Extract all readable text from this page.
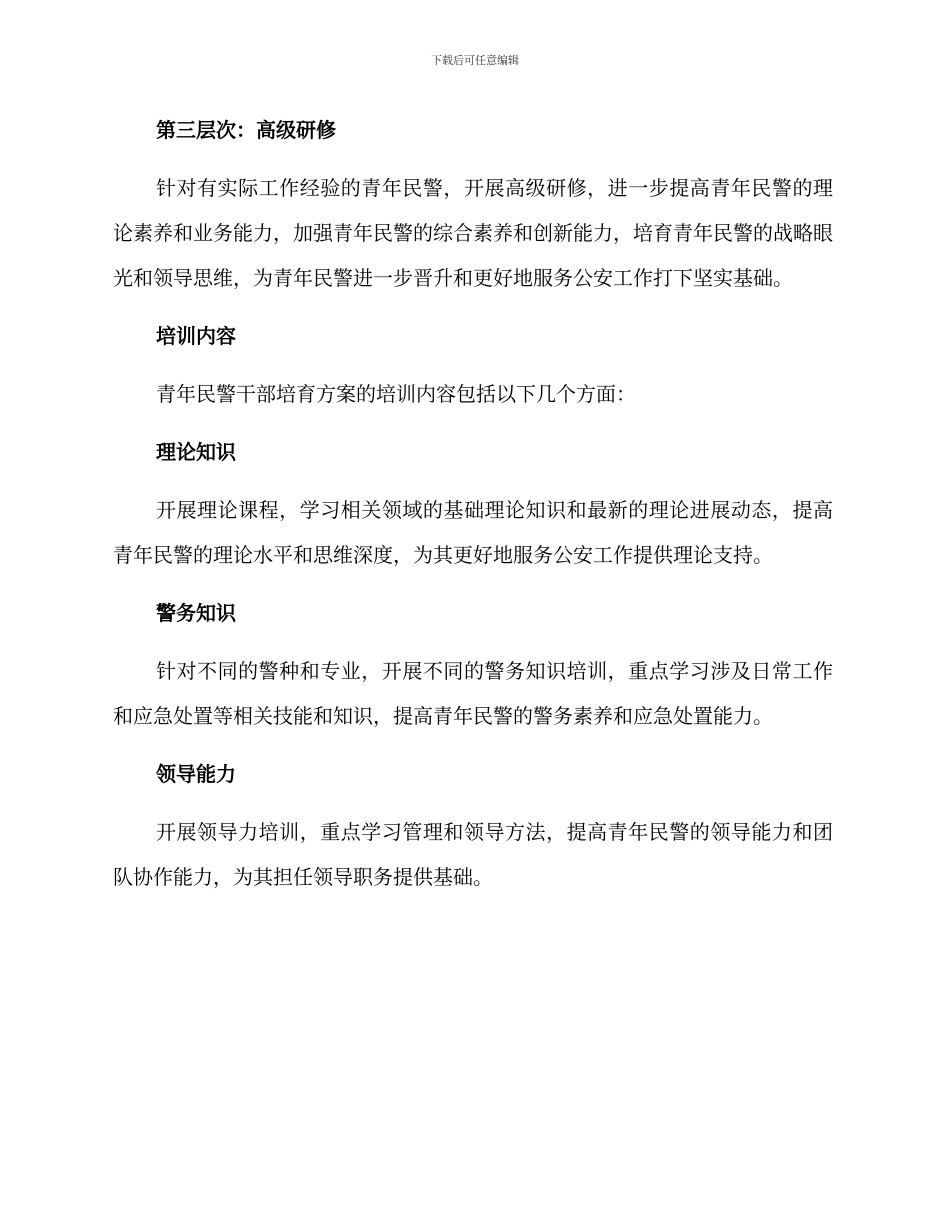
下载后可任意编辑
第三层次：高级研修

针对有实际工作经验的青年民警，开展高级研修，进一步提高青年民警的理论素养和业务能力，加强青年民警的综合素养和创新能力，培育青年民警的战略眼光和领导思维，为青年民警进一步晋升和更好地服务公安工作打下坚实基础。

培训内容

青年民警干部培育方案的培训内容包括以下几个方面：

理论知识

开展理论课程，学习相关领域的基础理论知识和最新的理论进展动态，提高青年民警的理论水平和思维深度，为其更好地服务公安工作提供理论支持。

警务知识

针对不同的警种和专业，开展不同的警务知识培训，重点学习涉及日常工作和应急处置等相关技能和知识，提高青年民警的警务素养和应急处置能力。

领导能力

开展领导力培训，重点学习管理和领导方法，提高青年民警的领导能力和团队协作能力，为其担任领导职务提供基础。
